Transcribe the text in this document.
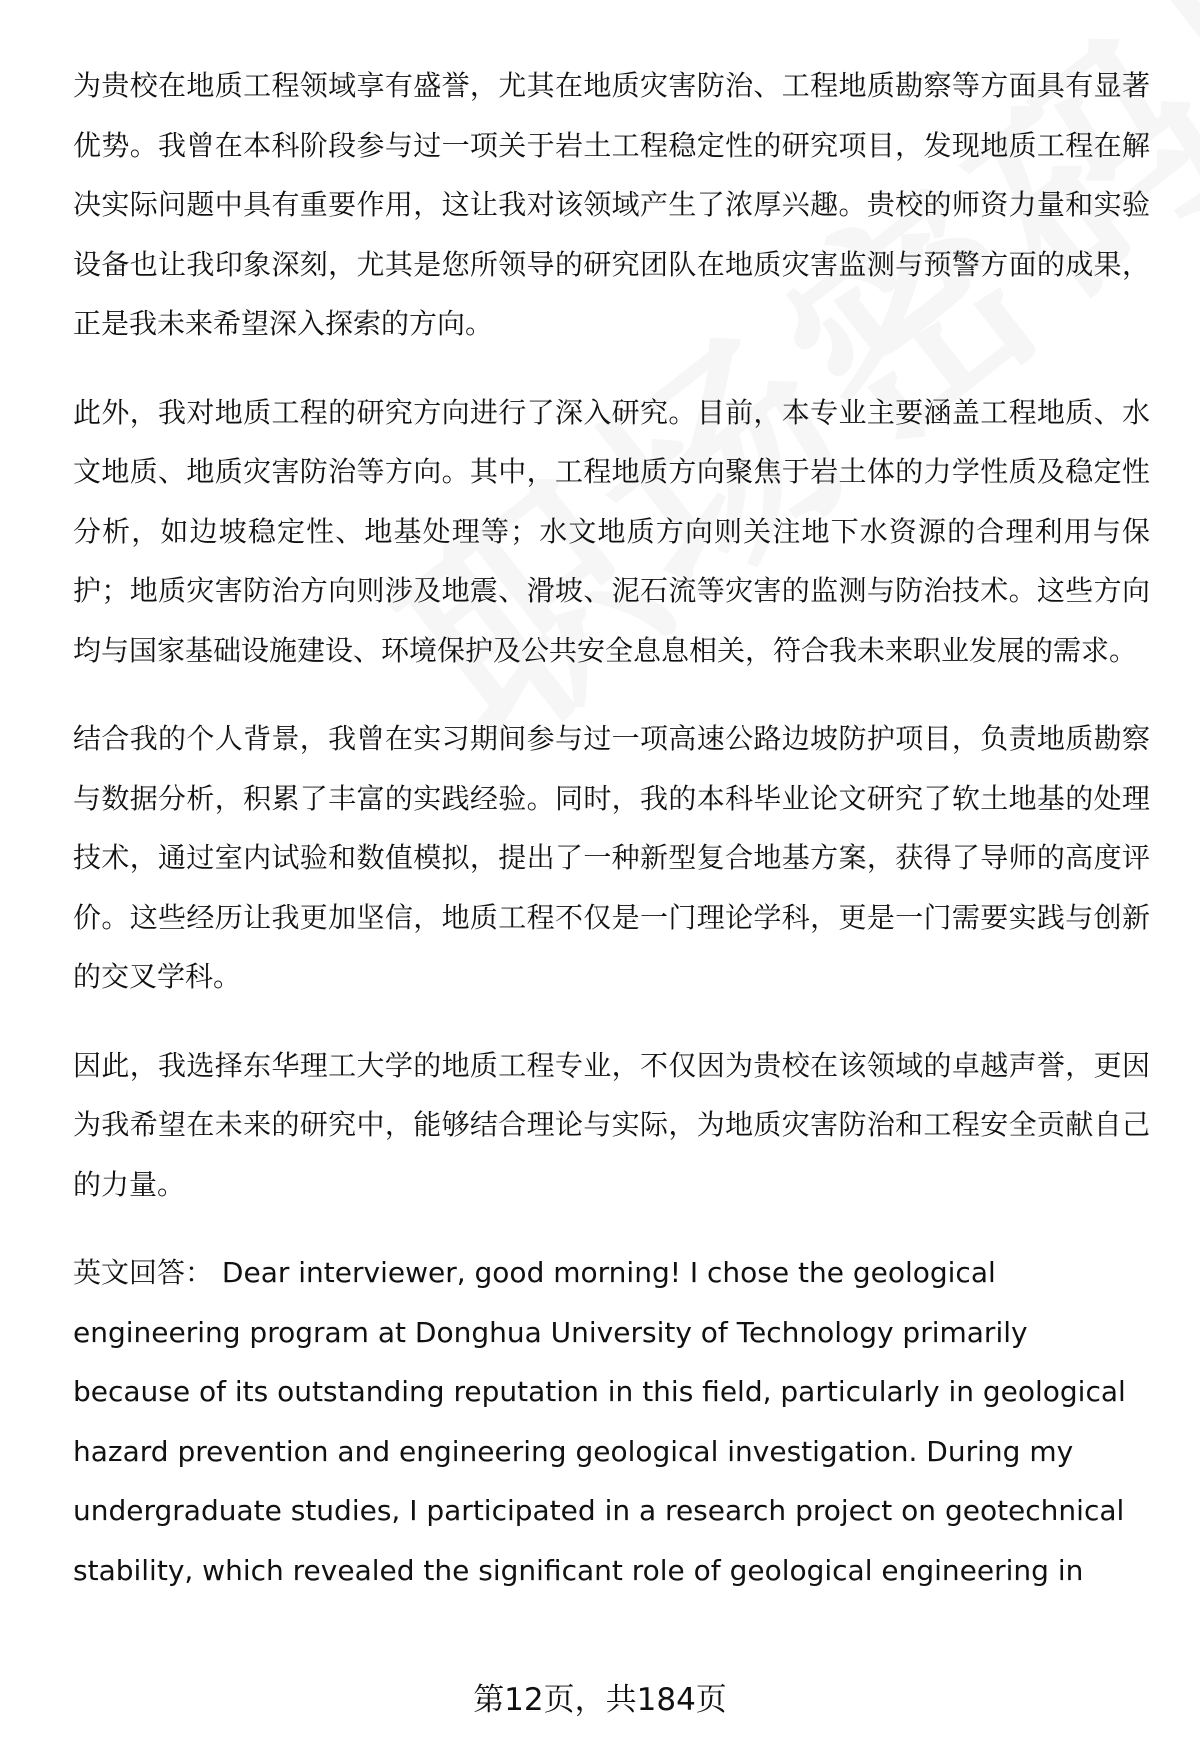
为贵校在地质工程领域享有盛誉，尤其在地质灾害防治、工程地质勘察等方面具有显著优势。我曾在本科阶段参与过一项关于岩土工程稳定性的研究项目，发现地质工程在解决实际问题中具有重要作用，这让我对该领域产生了浓厚兴趣。贵校的师资力量和实验设备也让我印象深刻，尤其是您所领导的研究团队在地质灾害监测与预警方面的成果，正是我未来希望深入探索的方向。

此外，我对地质工程的研究方向进行了深入研究。目前，本专业主要涵盖工程地质、水文地质、地质灾害防治等方向。其中，工程地质方向聚焦于岩土体的力学性质及稳定性分析，如边坡稳定性、地基处理等；水文地质方向则关注地下水资源的合理利用与保护；地质灾害防治方向则涉及地震、滑坡、泥石流等灾害的监测与防治技术。这些方向均与国家基础设施建设、环境保护及公共安全息息相关，符合我未来职业发展的需求。

结合我的个人背景，我曾在实习期间参与过一项高速公路边坡防护项目，负责地质勘察与数据分析，积累了丰富的实践经验。同时，我的本科毕业论文研究了软土地基的处理技术，通过室内试验和数值模拟，提出了一种新型复合地基方案，获得了导师的高度评价。这些经历让我更加坚信，地质工程不仅是一门理论学科，更是一门需要实践与创新的交叉学科。

因此，我选择东华理工大学的地质工程专业，不仅因为贵校在该领域的卓越声誉，更因为我希望在未来的研究中，能够结合理论与实际，为地质灾害防治和工程安全贡献自己的力量。

英文回答： Dear interviewer, good morning! I chose the geological engineering program at Donghua University of Technology primarily because of its outstanding reputation in this field, particularly in geological hazard prevention and engineering geological investigation. During my undergraduate studies, I participated in a research project on geotechnical stability, which revealed the significant role of geological engineering in

第12页，共184页
